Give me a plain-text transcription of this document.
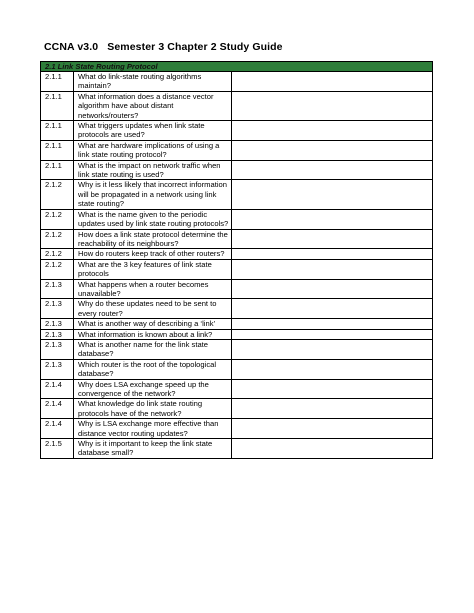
CCNA v3.0   Semester 3 Chapter 2 Study Guide
2.1 Link State Routing Protocol		
2.1.1	What do link-state routing algorithms maintain?	
2.1.1	What information does a distance vector algorithm have about distant networks/routers?	
2.1.1	What triggers updates when link state protocols are used?	
2.1.1	What are hardware implications of using a link state routing protocol?	
2.1.1	What is the impact on network traffic when link state routing is used?	
2.1.2	Why is it less likely that incorrect information will be propagated in a network using link state routing?	
2.1.2	What is the name given to the periodic updates used by link state routing protocols?	
2.1.2	How does a link state protocol determine the reachability of its neighbours?	
2.1.2	How do routers keep track of other routers?	
2.1.2	What are the 3 key features of link state protocols	
2.1.3	What happens when a router becomes unavailable?	
2.1.3	Why do these updates need to be sent to every router?	
2.1.3	What is another way of describing a ‘link’	
2.1.3	What information is known about a link?	
2.1.3	What is another name for the link state database?	
2.1.3	Which router is the root of the topological database?	
2.1.4	Why does LSA exchange speed up the convergence of the network?	
2.1.4	What knowledge do link state routing protocols have of the network?	
2.1.4	Why is LSA exchange more effective than distance vector routing updates?	
2.1.5	Why is it important to keep the link state database small?	
